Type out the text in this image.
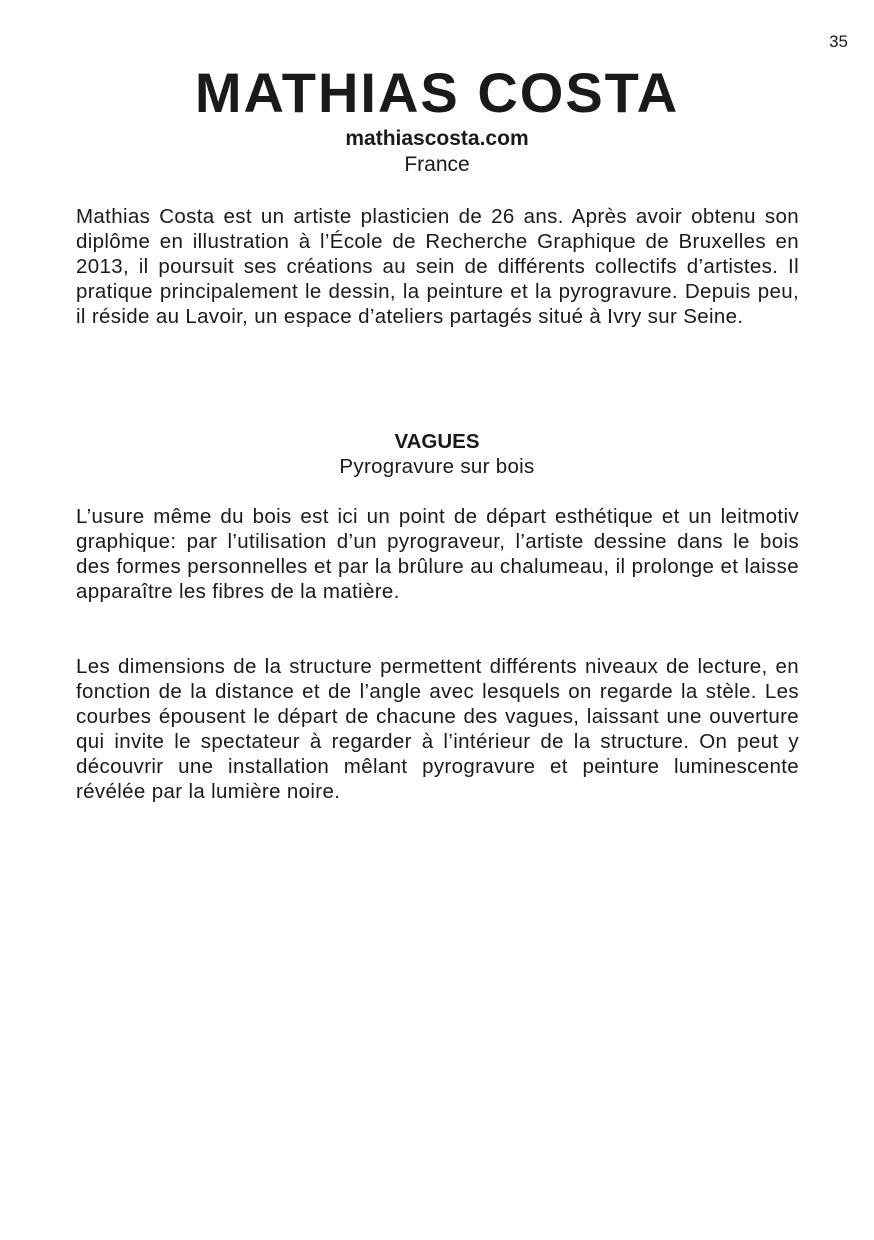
35
MATHIAS COSTA
mathiascosta.com
France

Mathias Costa est un artiste plasticien de 26 ans. Après avoir obtenu son diplôme en illustration à l’École de Recherche Graphique de Bruxelles en 2013, il poursuit ses créations au sein de différents collectifs d’artistes. Il pratique principalement le dessin, la peinture et la pyrogravure. Depuis peu, il réside au Lavoir, un espace d’ateliers partagés situé à Ivry sur Seine.

VAGUES
Pyrogravure sur bois

L’usure même du bois est ici un point de départ esthétique et un leitmotiv graphique: par l’utilisation d’un pyrograveur, l’artiste dessine dans le bois des formes personnelles et par la brûlure au chalumeau, il prolonge et laisse apparaître les fibres de la matière.

Les dimensions de la structure permettent différents niveaux de lecture, en fonction de la distance et de l’angle avec lesquels on regarde la stèle. Les courbes épousent le départ de chacune des vagues, laissant une ouverture qui invite le spectateur à regarder à l’intérieur de la structure. On peut y découvrir une installation mêlant pyrogravure et peinture luminescente révélée par la lumière noire.
